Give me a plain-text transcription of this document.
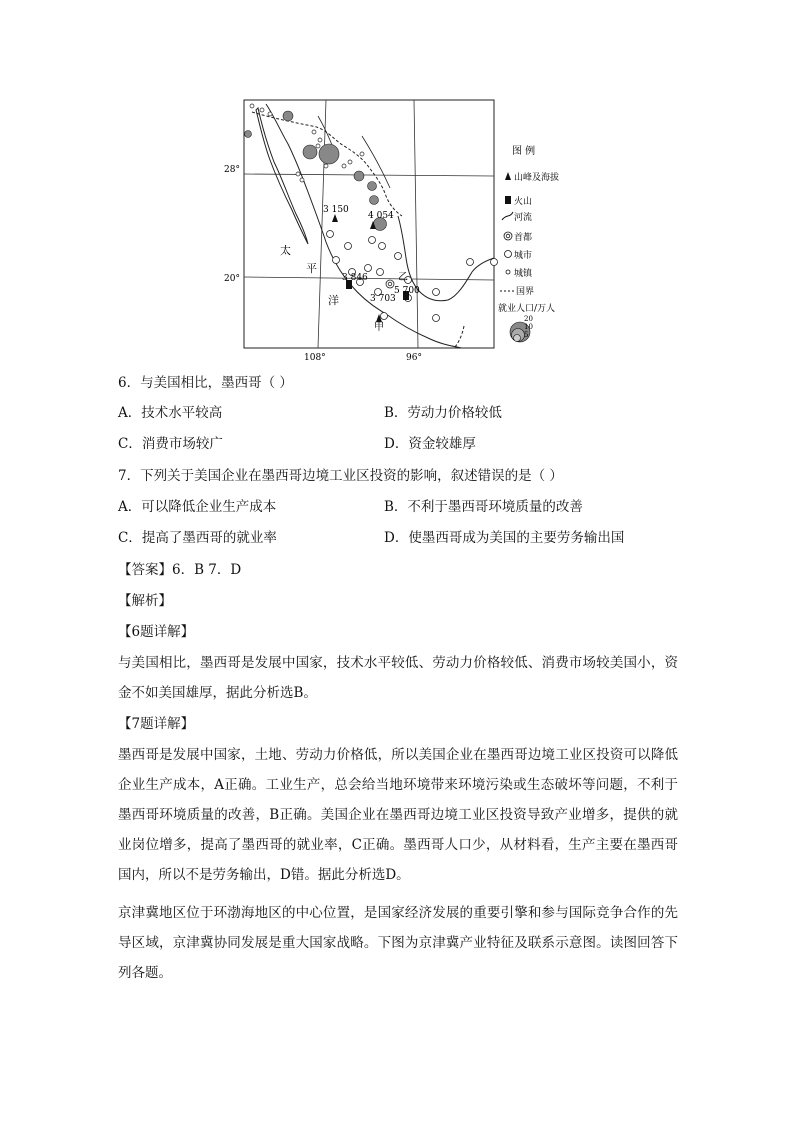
3 150
4 054
3 846
5 700
3 703
太
平
洋
乙
甲
28°
20°
108°	96°
图 例
山峰及海拔
火山
河流
首都
城市
城镇
国界
就业人口/万人
20
10
5
6．与美国相比，墨西哥（ ）
A．技术水平较高	B．劳动力价格较低
C．消费市场较广	D．资金较雄厚
7．下列关于美国企业在墨西哥边境工业区投资的影响，叙述错误的是（ ）
A．可以降低企业生产成本	B．不利于墨西哥环境质量的改善
C．提高了墨西哥的就业率	D．使墨西哥成为美国的主要劳务输出国
【答案】6．B 7．D
【解析】
【6题详解】
与美国相比，墨西哥是发展中国家，技术水平较低、劳动力价格较低、消费市场较美国小，资金不如美国雄厚，据此分析选B。
【7题详解】
墨西哥是发展中国家，土地、劳动力价格低，所以美国企业在墨西哥边境工业区投资可以降低企业生产成本，A正确。工业生产，总会给当地环境带来环境污染或生态破坏等问题，不利于墨西哥环境质量的改善，B正确。美国企业在墨西哥边境工业区投资导致产业增多，提供的就业岗位增多，提高了墨西哥的就业率，C正确。墨西哥人口少，从材料看，生产主要在墨西哥国内，所以不是劳务输出，D错。据此分析选D。
京津冀地区位于环渤海地区的中心位置，是国家经济发展的重要引擎和参与国际竞争合作的先导区域，京津冀协同发展是重大国家战略。下图为京津冀产业特征及联系示意图。读图回答下列各题。
